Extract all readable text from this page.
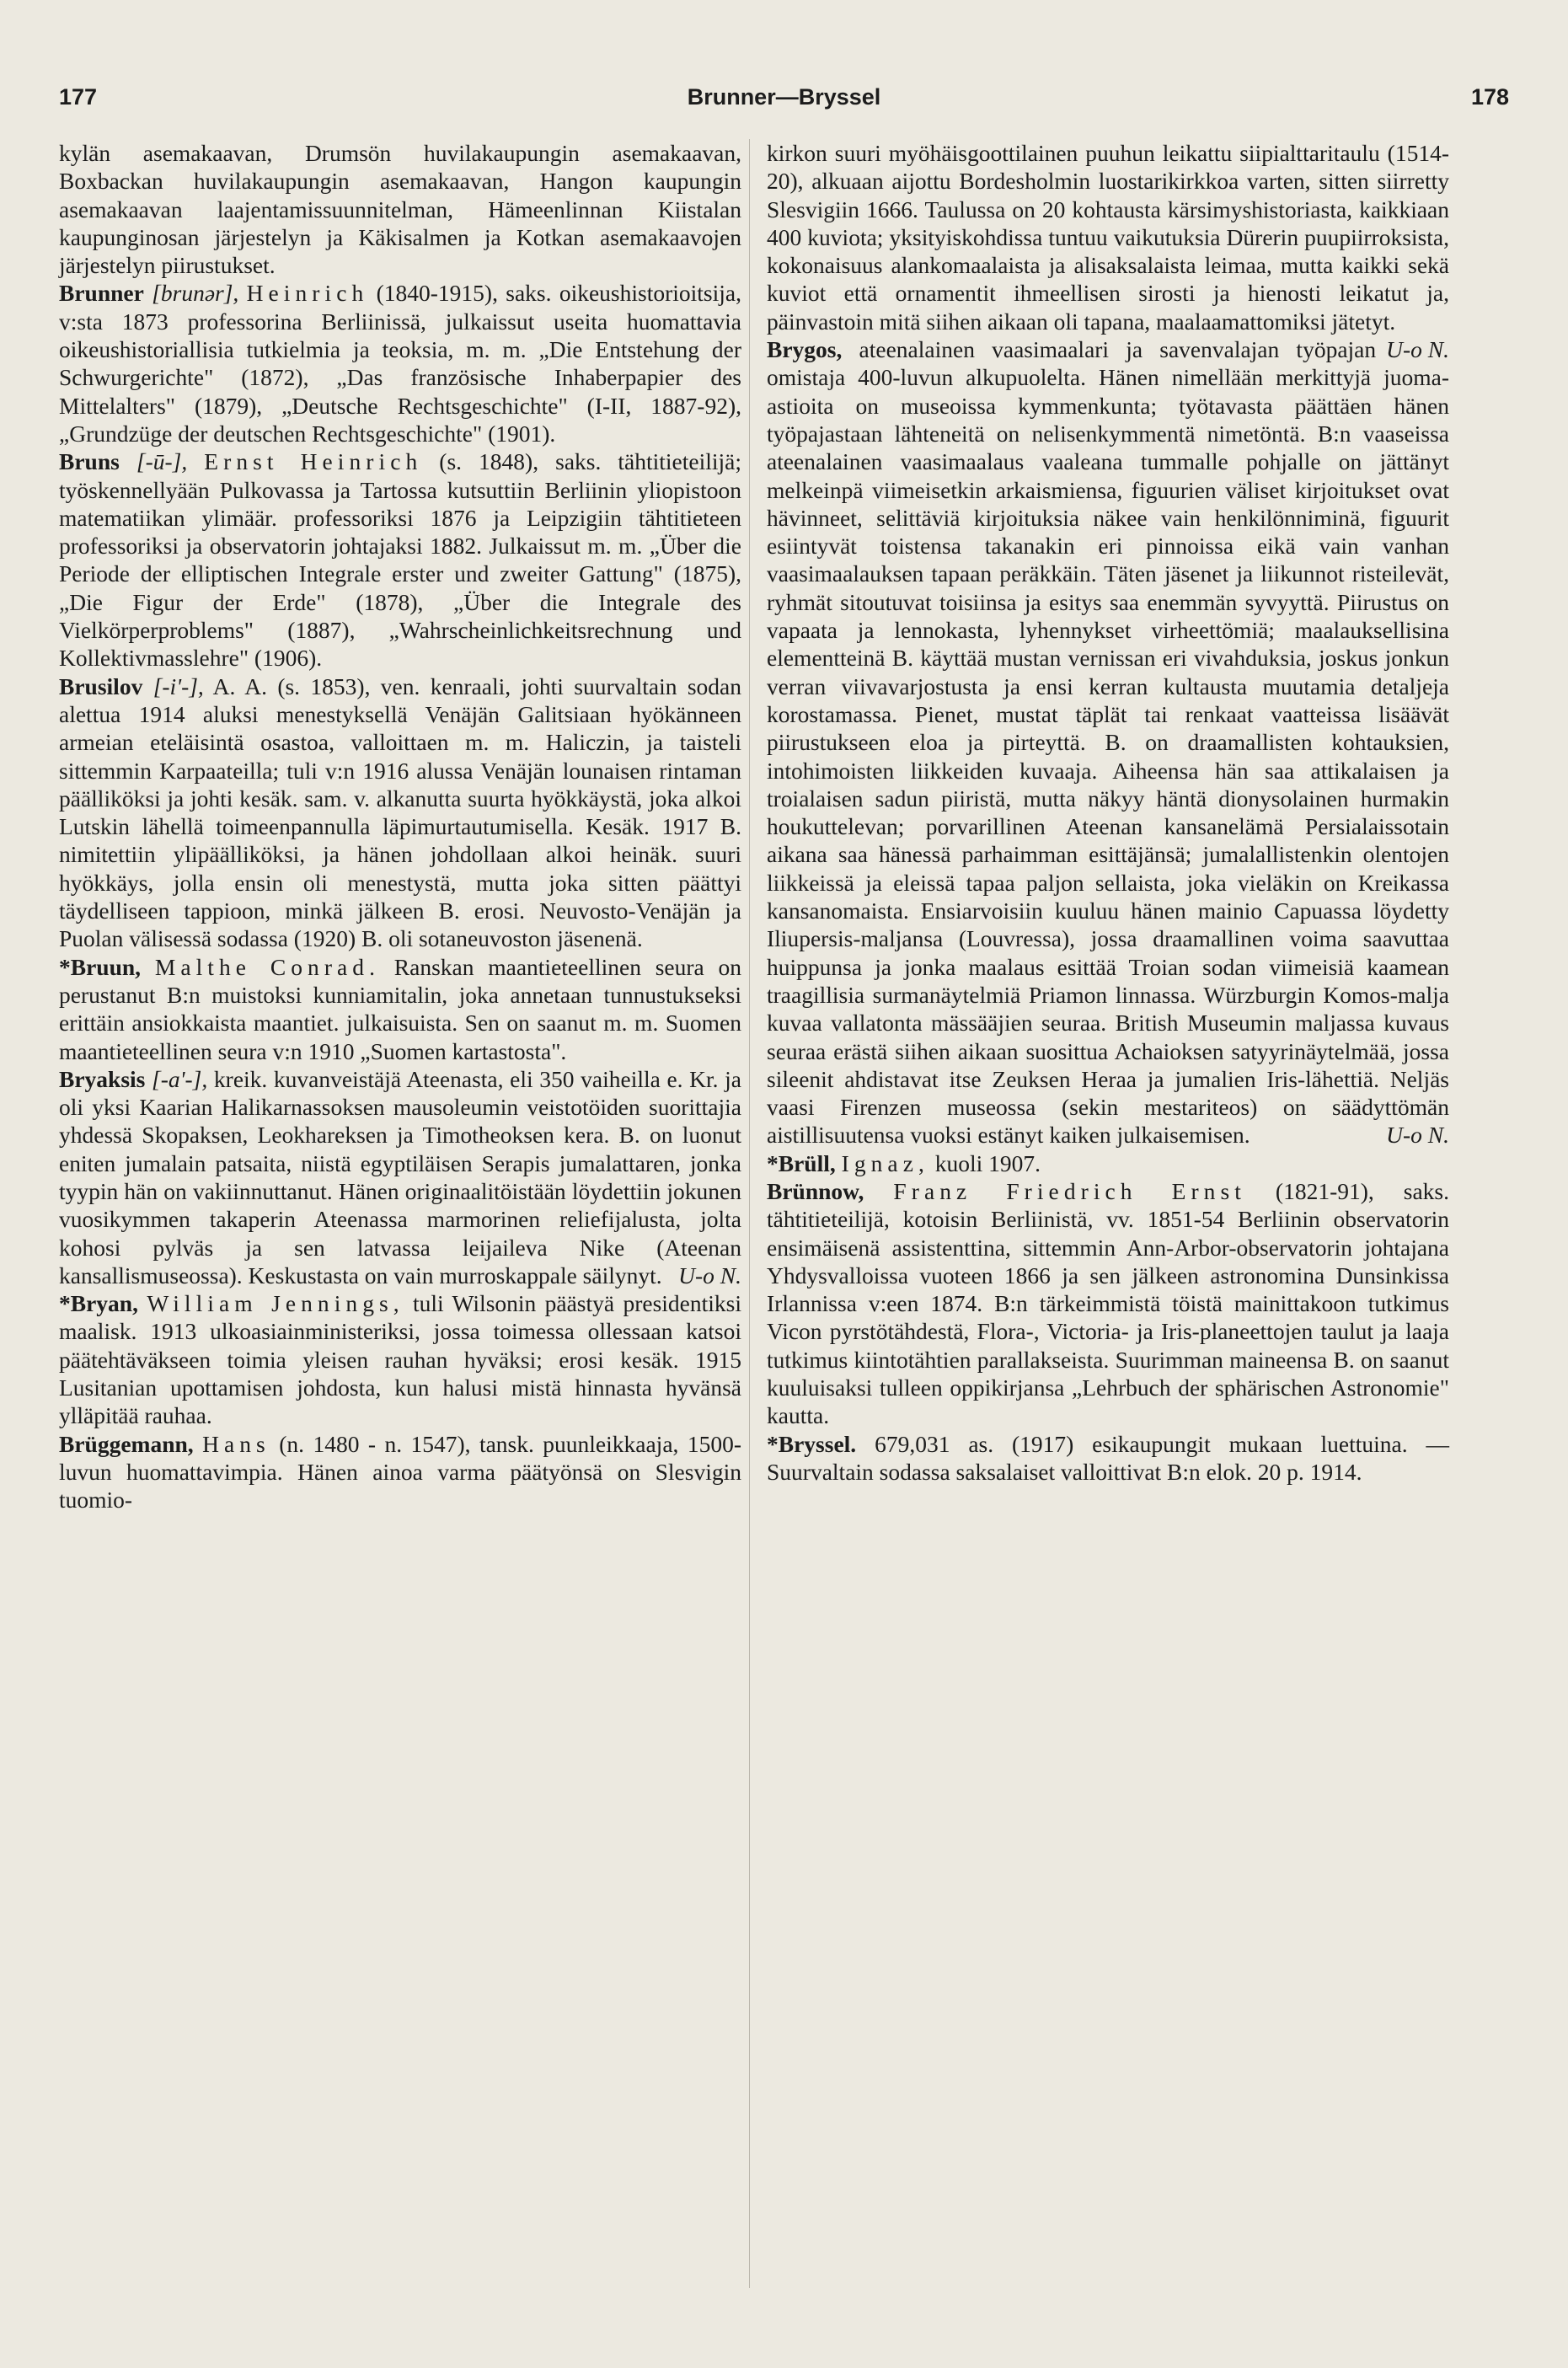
177	Brunner—Bryssel	178

kylän asemakaavan, Drumsön huvilakaupungin asemakaavan, Boxbackan huvilakaupungin asemakaavan, Hangon kaupungin asemakaavan laajentamissuunnitelman, Hämeenlinnan Kiistalan kaupunginosan järjestelyn ja Käkisalmen ja Kotkan asemakaavojen järjestelyn piirustukset.

Brunner [brunər], Heinrich (1840-1915), saks. oikeushistorioitsija, v:sta 1873 professorina Berliinissä, julkaissut useita huomattavia oikeushistoriallisia tutkielmia ja teoksia, m. m. „Die Entstehung der Schwurgerichte" (1872), „Das französische Inhaberpapier des Mittelalters" (1879), „Deutsche Rechtsgeschichte" (I-II, 1887-92), „Grundzüge der deutschen Rechtsgeschichte" (1901).

Bruns [-ū-], Ernst Heinrich (s. 1848), saks. tähtitieteilijä; työskennellyään Pulkovassa ja Tartossa kutsuttiin Berliinin yliopistoon matematiikan ylimäär. professoriksi 1876 ja Leipzigiin tähtitieteen professoriksi ja observatorin johtajaksi 1882. Julkaissut m. m. „Über die Periode der elliptischen Integrale erster und zweiter Gattung" (1875), „Die Figur der Erde" (1878), „Über die Integrale des Vielkörperproblems" (1887), „Wahrscheinlichkeitsrechnung und Kollektivmasslehre" (1906).

Brusilov [-i'-], A. A. (s. 1853), ven. kenraali, johti suurvaltain sodan alettua 1914 aluksi menestyksellä Venäjän Galitsiaan hyökänneen armeian eteläisintä osastoa, valloittaen m. m. Haliczin, ja taisteli sittemmin Karpaateilla; tuli v:n 1916 alussa Venäjän lounaisen rintaman päälliköksi ja johti kesäk. sam. v. alkanutta suurta hyökkäystä, joka alkoi Lutskin lähellä toimeenpannulla läpimurtautumisella. Kesäk. 1917 B. nimitettiin ylipäälliköksi, ja hänen johdollaan alkoi heinäk. suuri hyökkäys, jolla ensin oli menestystä, mutta joka sitten päättyi täydelliseen tappioon, minkä jälkeen B. erosi. Neuvosto-Venäjän ja Puolan välisessä sodassa (1920) B. oli sotaneuvoston jäsenenä.

*Bruun, Malthe Conrad. Ranskan maantieteellinen seura on perustanut B:n muistoksi kunniamitalin, joka annetaan tunnustukseksi erittäin ansiokkaista maantiet. julkaisuista. Sen on saanut m. m. Suomen maantieteellinen seura v:n 1910 „Suomen kartastosta".

Bryaksis [-a'-], kreik. kuvanveistäjä Ateenasta, eli 350 vaiheilla e. Kr. ja oli yksi Kaarian Halikarnassoksen mausoleumin veistotöiden suorittajia yhdessä Skopaksen, Leokhareksen ja Timotheoksen kera. B. on luonut eniten jumalain patsaita, niistä egyptiläisen Serapis jumalattaren, jonka tyypin hän on vakiinnuttanut. Hänen originaalitöistään löydettiin jokunen vuosikymmen takaperin Ateenassa marmorinen reliefijalusta, jolta kohosi pylväs ja sen latvassa leijaileva Nike (Ateenan kansallismuseossa). Keskustasta on vain murroskappale säilynyt. U-o N.

*Bryan, William Jennings, tuli Wilsonin päästyä presidentiksi maalisk. 1913 ulkoasiainministeriksi, jossa toimessa ollessaan katsoi päätehtäväkseen toimia yleisen rauhan hyväksi; erosi kesäk. 1915 Lusitanian upottamisen johdosta, kun halusi mistä hinnasta hyvänsä ylläpitää rauhaa.

Brüggemann, Hans (n. 1480 - n. 1547), tansk. puunleikkaaja, 1500-luvun huomattavimpia. Hänen ainoa varma päätyönsä on Slesvigin tuomio-

kirkon suuri myöhäisgoottilainen puuhun leikattu siipialttaritaulu (1514-20), alkuaan aijottu Bordesholmin luostarikirkkoa varten, sitten siirretty Slesvigiin 1666. Taulussa on 20 kohtausta kärsimyshistoriasta, kaikkiaan 400 kuviota; yksityiskohdissa tuntuu vaikutuksia Dürerin puupiirroksista, kokonaisuus alankomaalaista ja alisaksalaista leimaa, mutta kaikki sekä kuviot että ornamentit ihmeellisen sirosti ja hienosti leikatut ja, päinvastoin mitä siihen aikaan oli tapana, maalaamattomiksi jätetyt.
U-o N.

Brygos, ateenalainen vaasimaalari ja savenvalajan työpajan omistaja 400-luvun alkupuolelta. Hänen nimellään merkittyjä juoma-astioita on museoissa kymmenkunta; työtavasta päättäen hänen työpajastaan lähteneitä on nelisenkymmentä nimetöntä. B:n vaaseissa ateenalainen vaasimaalaus vaaleana tummalle pohjalle on jättänyt melkeinpä viimeisetkin arkaismiensa, figuurien väliset kirjoitukset ovat hävinneet, selittäviä kirjoituksia näkee vain henkilönniminä, figuurit esiintyvät toistensa takanakin eri pinnoissa eikä vain vanhan vaasimaalauksen tapaan peräkkäin. Täten jäsenet ja liikunnot risteilevät, ryhmät sitoutuvat toisiinsa ja esitys saa enemmän syvyyttä. Piirustus on vapaata ja lennokasta, lyhennykset virheettömiä; maalauksellisina elementteinä B. käyttää mustan vernissan eri vivahduksia, joskus jonkun verran viivavarjostusta ja ensi kerran kultausta muutamia detaljeja korostamassa. Pienet, mustat täplät tai renkaat vaatteissa lisäävät piirustukseen eloa ja pirteyttä. B. on draamallisten kohtauksien, intohimoisten liikkeiden kuvaaja. Aiheensa hän saa attikalaisen ja troialaisen sadun piiristä, mutta näkyy häntä dionysolainen hurmakin houkuttelevan; porvarillinen Ateenan kansanelämä Persialaissotain aikana saa hänessä parhaimman esittäjänsä; jumalallistenkin olentojen liikkeissä ja eleissä tapaa paljon sellaista, joka vieläkin on Kreikassa kansanomaista. Ensiarvoisiin kuuluu hänen mainio Capuassa löydetty Iliupersis-maljansa (Louvressa), jossa draamallinen voima saavuttaa huippunsa ja jonka maalaus esittää Troian sodan viimeisiä kaamean traagillisia surmanäytelmiä Priamon linnassa. Würzburgin Komos-malja kuvaa vallatonta mässääjien seuraa. British Museumin maljassa kuvaus seuraa erästä siihen aikaan suosittua Achaioksen satyyrinäytelmää, jossa sileenit ahdistavat itse Zeuksen Heraa ja jumalien Iris-lähettiä. Neljäs vaasi Firenzen museossa (sekin mestariteos) on säädyttömän aistillisuutensa vuoksi estänyt kaiken julkaisemisen.	U-o N.

*Brüll, Ignaz, kuoli 1907.

Brünnow, Franz Friedrich Ernst (1821-91), saks. tähtitieteilijä, kotoisin Berliinistä, vv. 1851-54 Berliinin observatorin ensimäisenä assistenttina, sittemmin Ann-Arbor-observatorin johtajana Yhdysvalloissa vuoteen 1866 ja sen jälkeen astronomina Dunsinkissa Irlannissa v:een 1874. B:n tärkeimmistä töistä mainittakoon tutkimus Vicon pyrstötähdestä, Flora-, Victoria- ja Iris-planeettojen taulut ja laaja tutkimus kiintotähtien parallakseista. Suurimman maineensa B. on saanut kuuluisaksi tulleen oppikirjansa „Lehrbuch der sphärischen Astronomie" kautta.

*Bryssel. 679,031 as. (1917) esikaupungit mukaan luettuina. — Suurvaltain sodassa saksalaiset valloittivat B:n elok. 20 p. 1914.
